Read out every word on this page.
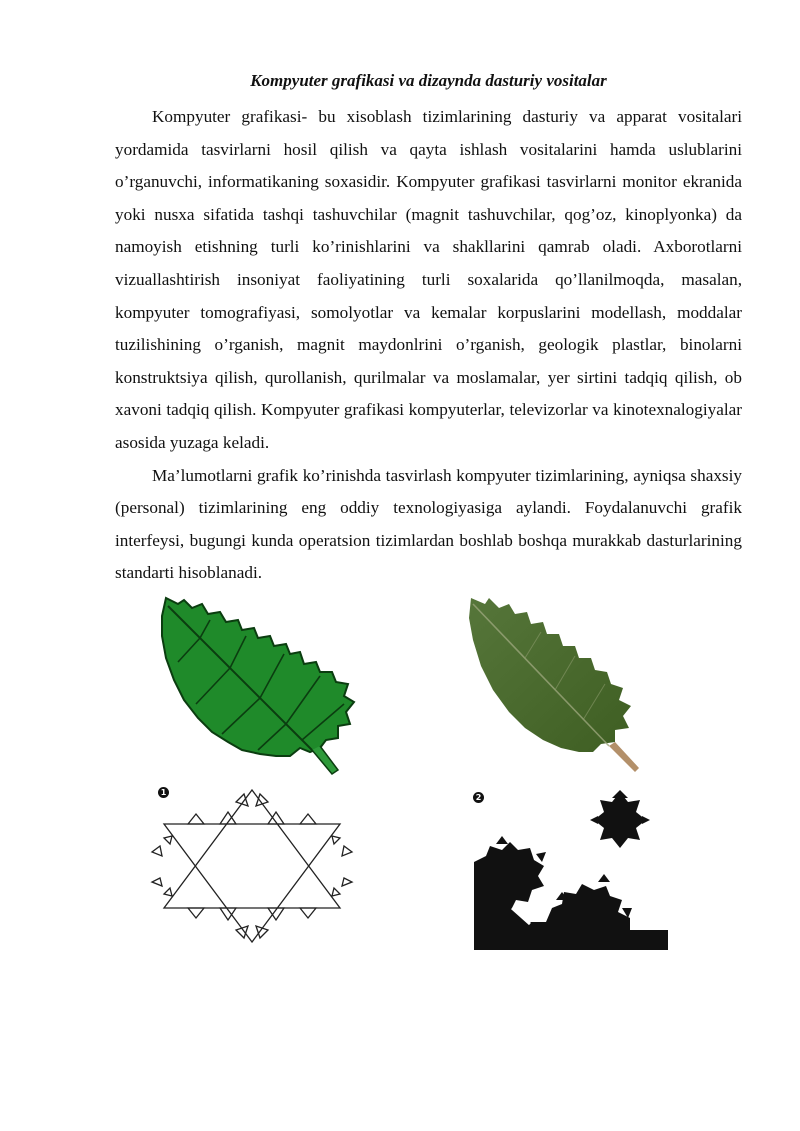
Kompyuter grafikasi va dizaynda dasturiy vositalar

Kompyuter grafikasi- bu xisoblash tizimlarining dasturiy va apparat vositalari yordamida tasvirlarni hosil qilish va qayta ishlash vositalarini hamda uslublarini o’rganuvchi, informatikaning soxasidir. Kompyuter grafikasi tasvirlarni monitor ekranida yoki nusxa sifatida tashqi tashuvchilar (magnit tashuvchilar, qog’oz, kinoplyonka) da namoyish etishning turli ko’rinishlarini va shakllarini qamrab oladi. Axborotlarni vizuallashtirish insoniyat faoliyatining turli soxalarida qo’llanilmoqda, masalan, kompyuter tomografiyasi, somolyotlar va kemalar korpuslarini modellash, moddalar tuzilishining o’rganish, magnit maydonlrini o’rganish, geologik plastlar, binolarni konstruktsiya qilish, qurollanish, qurilmalar va moslamalar, yer sirtini tadqiq qilish, ob xavoni tadqiq qilish. Kompyuter grafikasi kompyuterlar, televizorlar va kinotexnalogiyalar asosida yuzaga keladi.

Ma’lumotlarni grafik ko’rinishda tasvirlash kompyuter tizimlarining, ayniqsa shaxsiy (personal) tizimlarining eng oddiy texnologiyasiga aylandi. Foydalanuvchi grafik interfeysi, bugungi kunda operatsion tizimlardan boshlab boshqa murakkab dasturlarining standarti hisoblanadi.

1
2
